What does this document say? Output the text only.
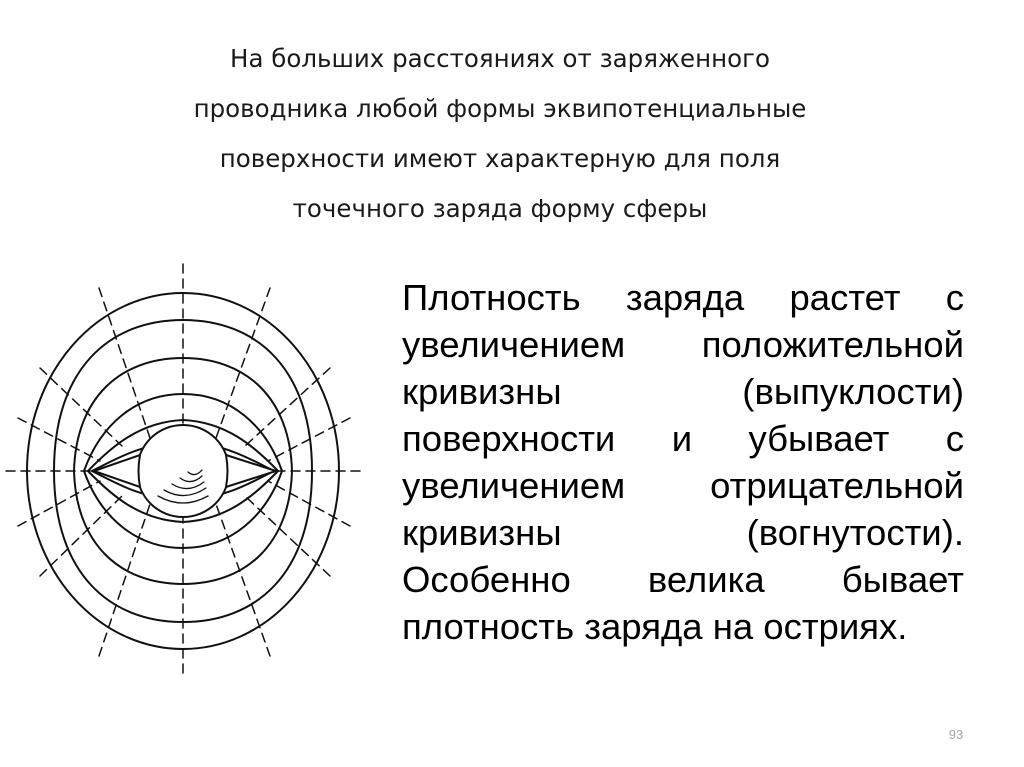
На больших расстояниях от заряженного
проводника любой формы эквипотенциальные
поверхности имеют характерную для поля
точечного заряда форму сферы
Плотность заряда растет с
увеличением положительной
кривизны	(выпуклости)
поверхности и убывает с
увеличением отрицательной
кривизны	(вогнутости).
Особенно велика бывает
плотность заряда на остриях.
93
